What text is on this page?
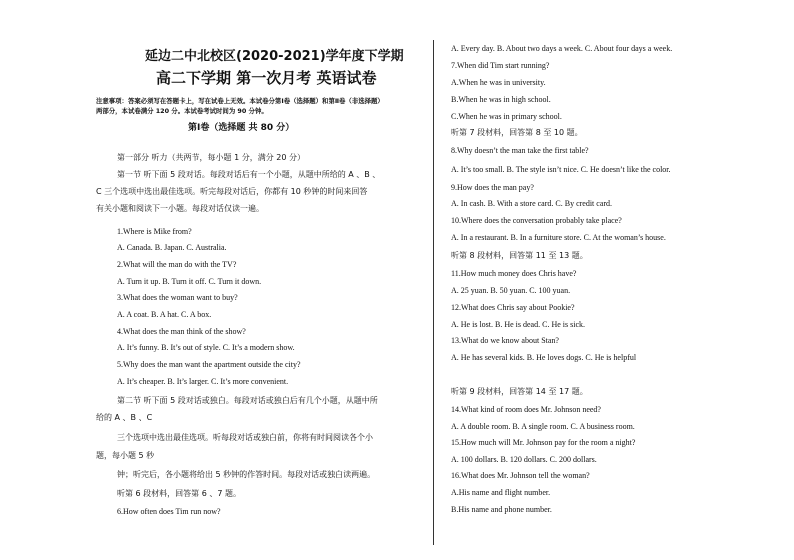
延边二中北校区(2020-2021)学年度下学期
高二下学期 第一次月考 英语试卷
注意事项：答案必须写在答题卡上，写在试卷上无效。本试卷分第Ⅰ卷（选择题）和第Ⅱ卷（非选择题）
两部分，本试卷满分 120 分。本试卷考试时间为 90 分钟。
第Ⅰ卷（选择题 共 80 分）
第一部分 听力（共两节，每小题 1 分，满分 20 分）
第一节 听下面 5 段对话。每段对话后有一个小题，从题中所给的 A 、B 、
C 三个选项中选出最佳选项。听完每段对话后，你都有 10 秒钟的时间来回答
有关小题和阅读下一小题。每段对话仅读一遍。
1.Where is Mike from?
A. Canada. B. Japan. C. Australia.
2.What will the man do with the TV?
A. Turn it up. B. Turn it off. C. Turn it down.
3.What does the woman want to buy?
A. A coat. B. A hat. C. A box.
4.What does the man think of the show?
A. It’s funny. B. It’s out of style. C. It’s a modern show.
5.Why does the man want the apartment outside the city?
A. It’s cheaper. B. It’s larger. C. It’s more convenient.
第二节 听下面 5 段对话或独白。每段对话或独白后有几个小题，从题中所
给的 A 、B 、C
三个选项中选出最佳选项。听每段对话或独白前，你将有时间阅读各个小
题，每小题 5 秒
钟；听完后，各小题将给出 5 秒钟的作答时间。每段对话或独白读两遍。
听第 6 段材料，回答第 6 、7 题。
6.How often does Tim run now?
A. Every day. B. About two days a week. C. About four days a week.
7.When did Tim start running?
A.When he was in university.
B.When he was in high school.
C.When he was in primary school.
听第 7 段材料，回答第 8 至 10 题。
8.Why doesn’t the man take the first table?
A. It’s too small. B. The style isn’t nice. C. He doesn’t like the color.
9.How does the man pay?
A. In cash. B. With a store card. C. By credit card.
10.Where does the conversation probably take place?
A. In a restaurant. B. In a furniture store. C. At the woman’s house.
听第 8 段材料，回答第 11 至 13 题。
11.How much money does Chris have?
A. 25 yuan. B. 50 yuan. C. 100 yuan.
12.What does Chris say about Pookie?
A. He is lost. B. He is dead. C. He is sick.
13.What do we know about Stan?
A. He has several kids. B. He loves dogs. C. He is helpful
听第 9 段材料，回答第 14 至 17 题。
14.What kind of room does Mr. Johnson need?
A. A double room. B. A single room. C. A business room.
15.How much will Mr. Johnson pay for the room a night?
A. 100 dollars. B. 120 dollars. C. 200 dollars.
16.What does Mr. Johnson tell the woman?
A.His name and flight number.
B.His name and phone number.
